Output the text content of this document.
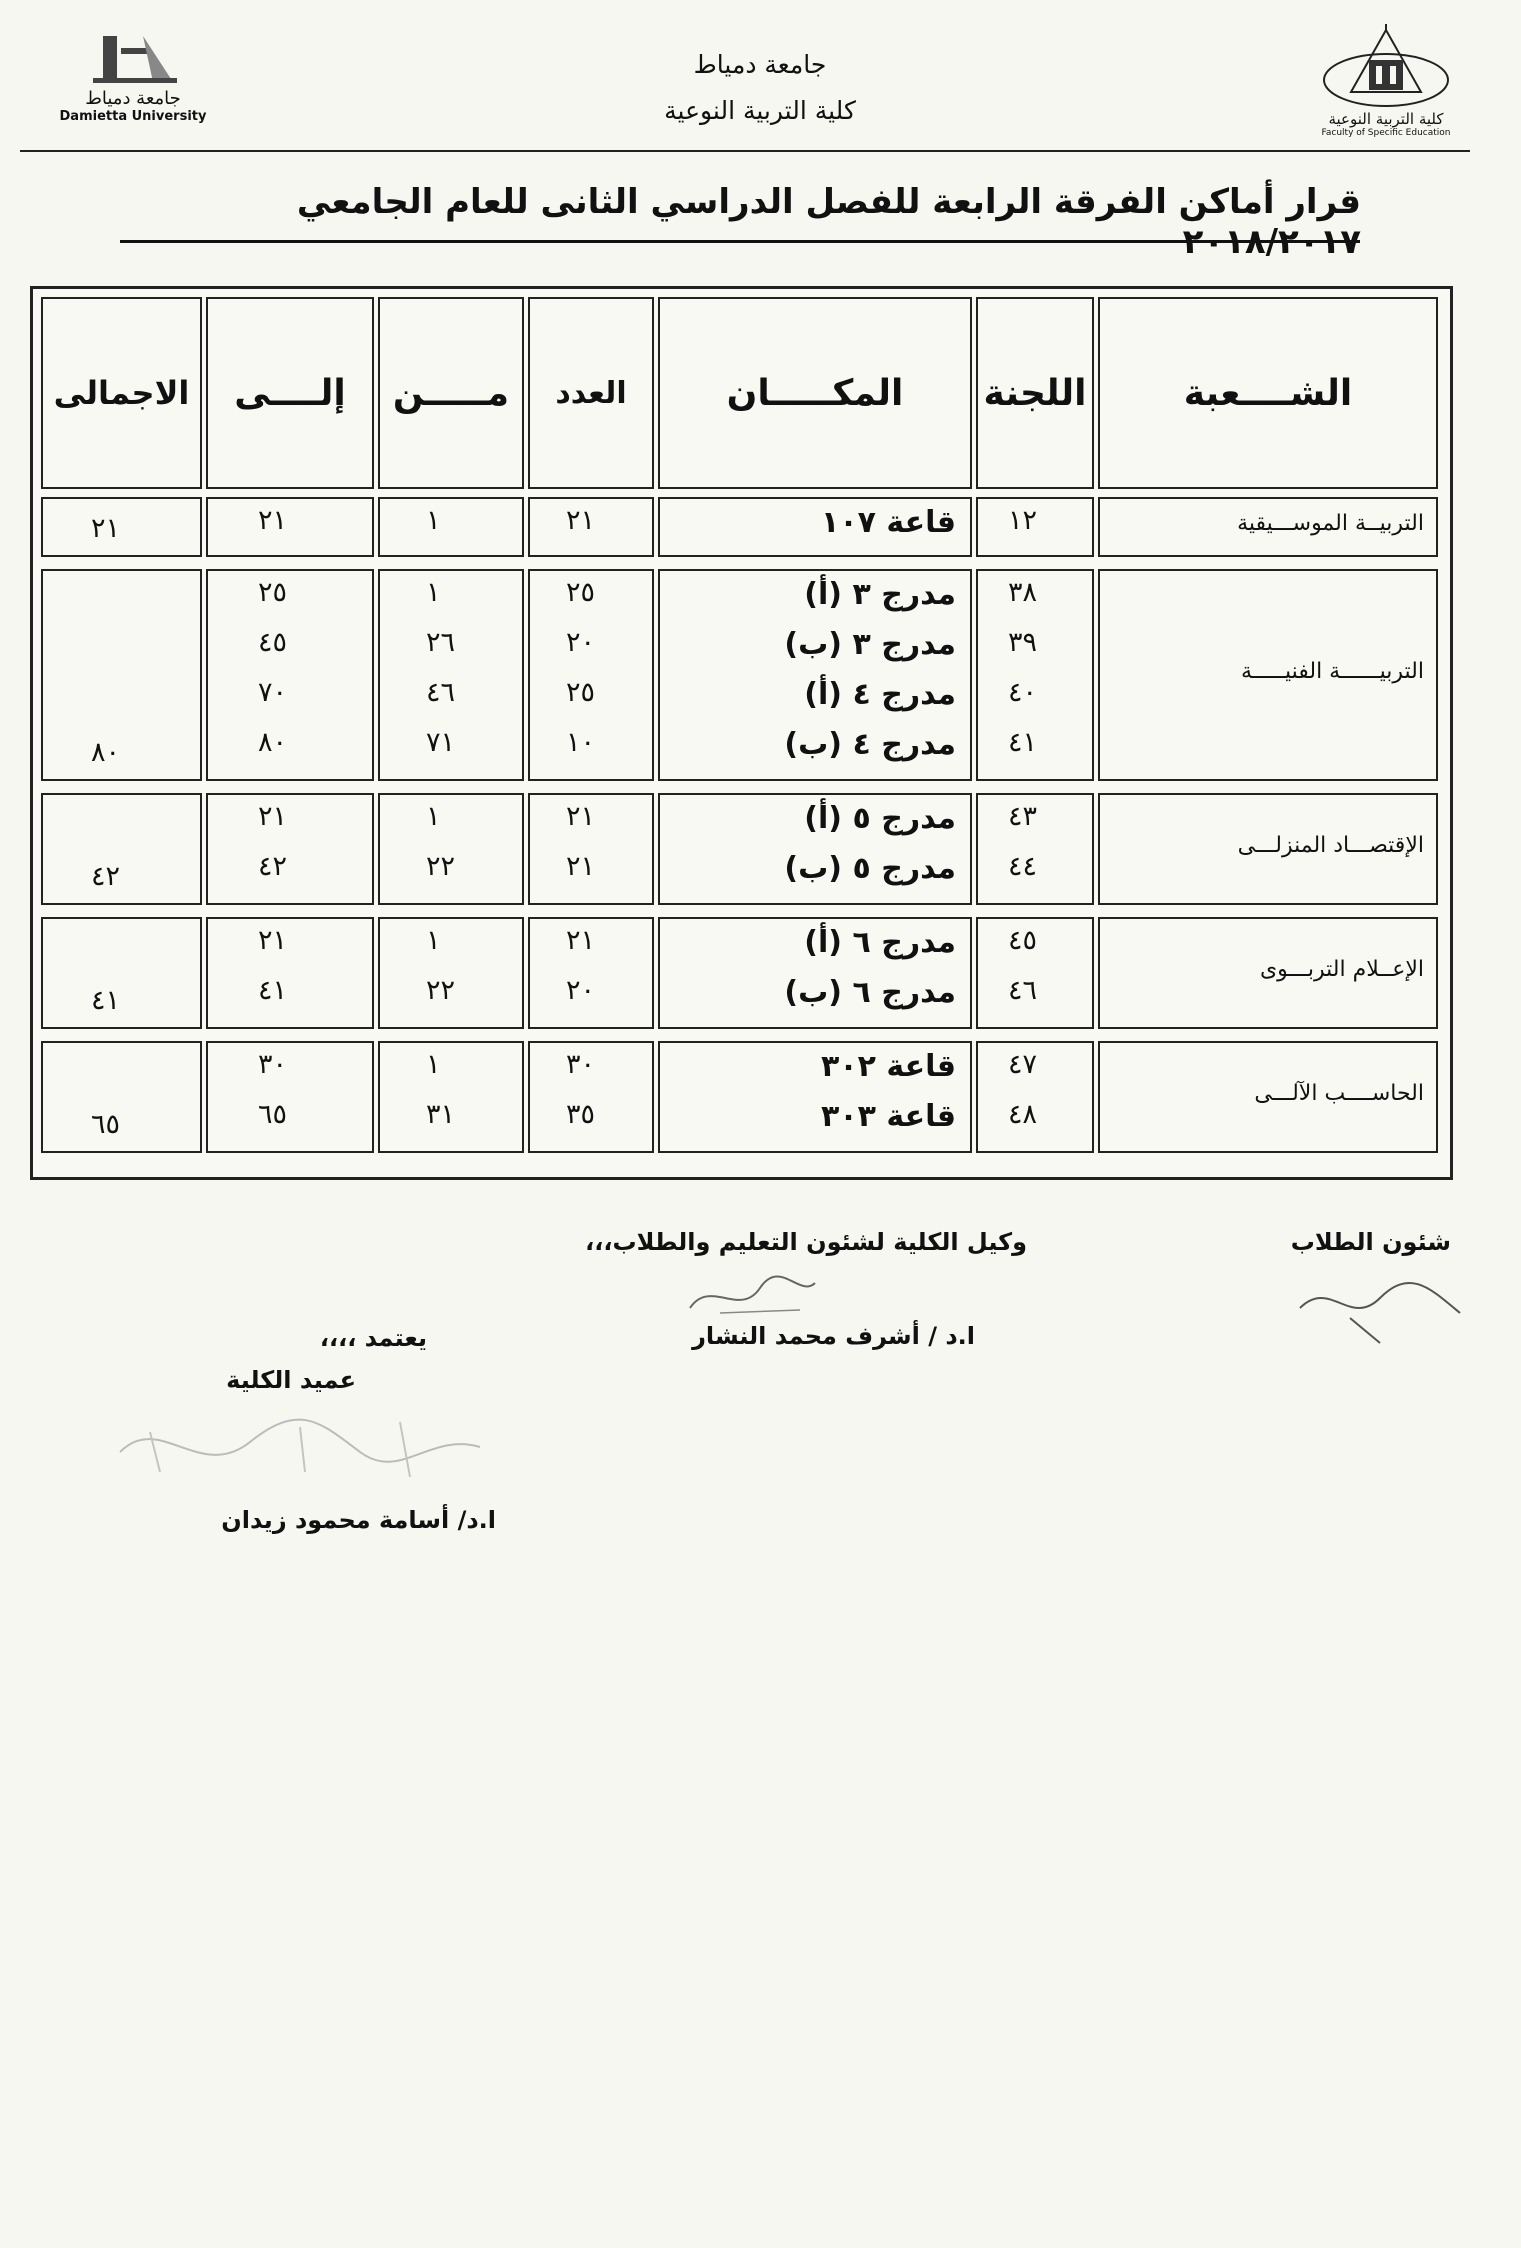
كلية التربية النوعية
Faculty of Specific Education
جامعة دمياط
Damietta University
جامعة دمياط
كلية التربية النوعية
قرار أماكن الفرقة الرابعة للفصل الدراسي الثانى للعام الجامعي ٢٠١٨/٢٠١٧
الشــــعبة
اللجنة
المكـــــان
العدد
مـــــن
إلــــى
الاجمالى
التربيــة الموســـيقية
٢١	١٢
قاعة ١٠٧
٢١
١
٢١
التربيــــــة الفنيـــــة
٨٠
٣٨
مدرج ٣ (أ)
٢٥
١
٢٥
٣٩
مدرج ٣ (ب)
٢٠
٢٦
٤٥
٤٠
مدرج ٤ (أ)
٢٥
٤٦
٧٠
٤١
مدرج ٤ (ب)
١٠
٧١
٨٠
الإقتصـــاد المنزلـــى
٤٢
٤٣
مدرج ٥ (أ)
٢١
١
٢١
٤٤
مدرج ٥ (ب)
٢١
٢٢
٤٢
الإعــلام التربـــوى
٤١
٤٥
مدرج ٦ (أ)
٢١
١
٢١
٤٦
مدرج ٦ (ب)
٢٠
٢٢
٤١
الحاســــب الآلـــى
٦٥
٤٧
قاعة ٣٠٢
٣٠
١
٣٠
٤٨
قاعة ٣٠٣
٣٥
٣١
٦٥
شئون الطلاب
وكيل الكلية لشئون التعليم والطلاب،،،
ا.د / أشرف محمد النشار
يعتمد ،،،،
عميد الكلية
ا.د/ أسامة محمود زيدان
